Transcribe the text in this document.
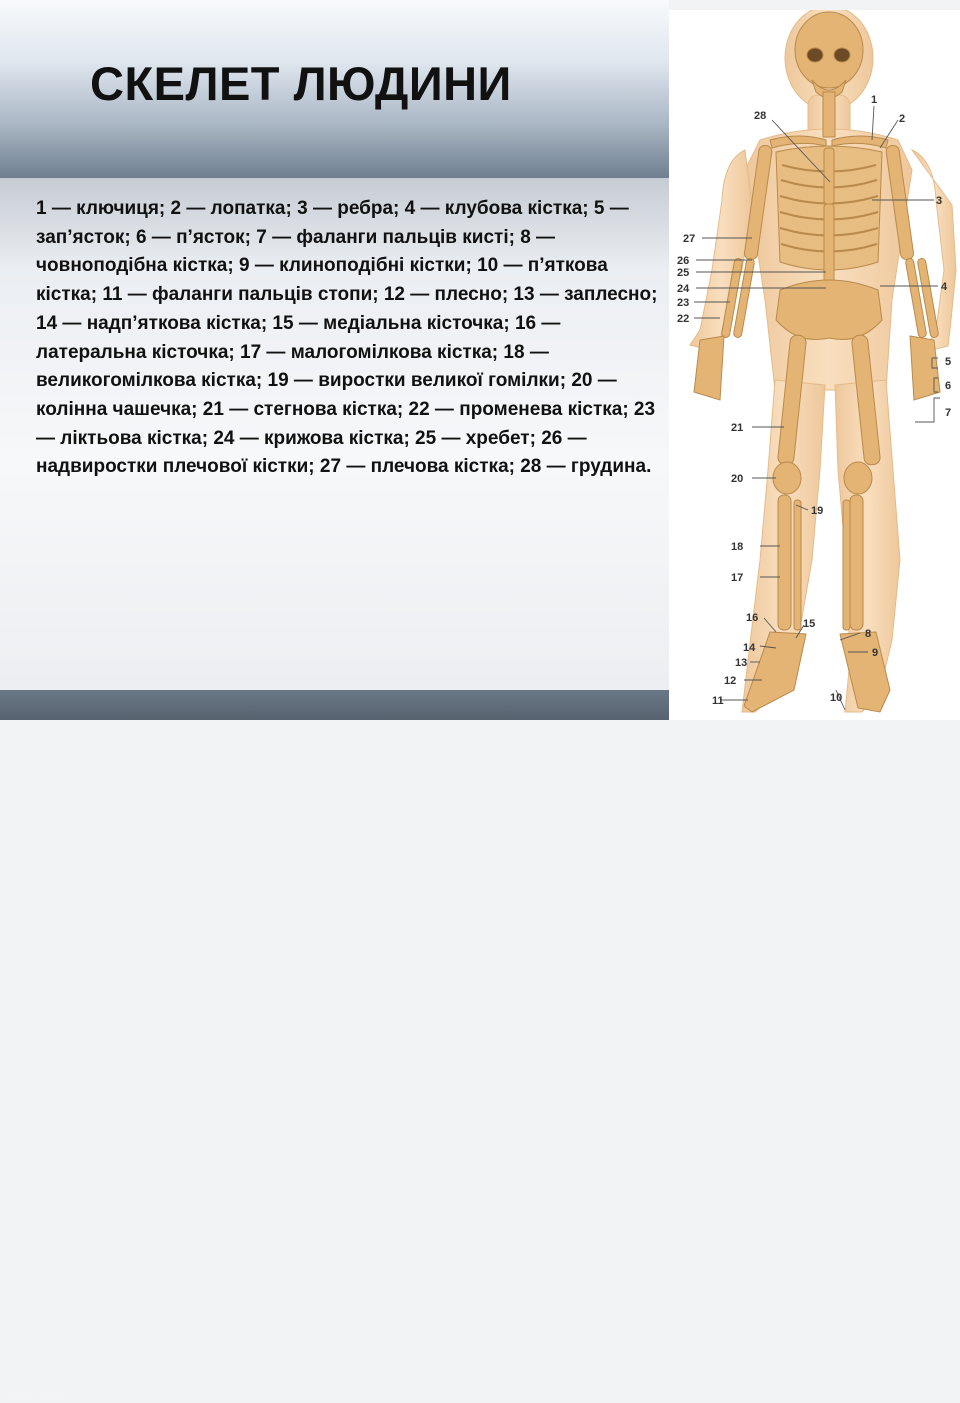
СКЕЛЕТ ЛЮДИНИ

1 — ключиця; 2 — лопатка; 3 — ребра; 4 — клубова кістка; 5 — зап’ясток; 6 — п’ясток; 7 — фаланги пальців кисті; 8 — човноподібна кістка; 9 — клиноподібні кістки; 10 — п’яткова кістка; 11 — фаланги пальців стопи; 12 — плесно; 13 — заплесно; 14 — надп’яткова кістка; 15 — медіальна кісточка; 16 — латеральна кісточка; 17 — малогомілкова кістка; 18 — великогомілкова кістка; 19 — виростки великої гомілки; 20 — колінна чашечка; 21 — стегнова кістка; 22 — променева кістка; 23 — ліктьова кістка; 24 — крижова кістка; 25 — хребет; 26 — надвиростки плечової кістки; 27 — плечова кістка; 28 — грудина.

fppt.com
1
2
3
4
5
6
7
8
9
10
11
12
13
14
15
16
17
18
19
20
21
22
23
24
25
26
27
28
